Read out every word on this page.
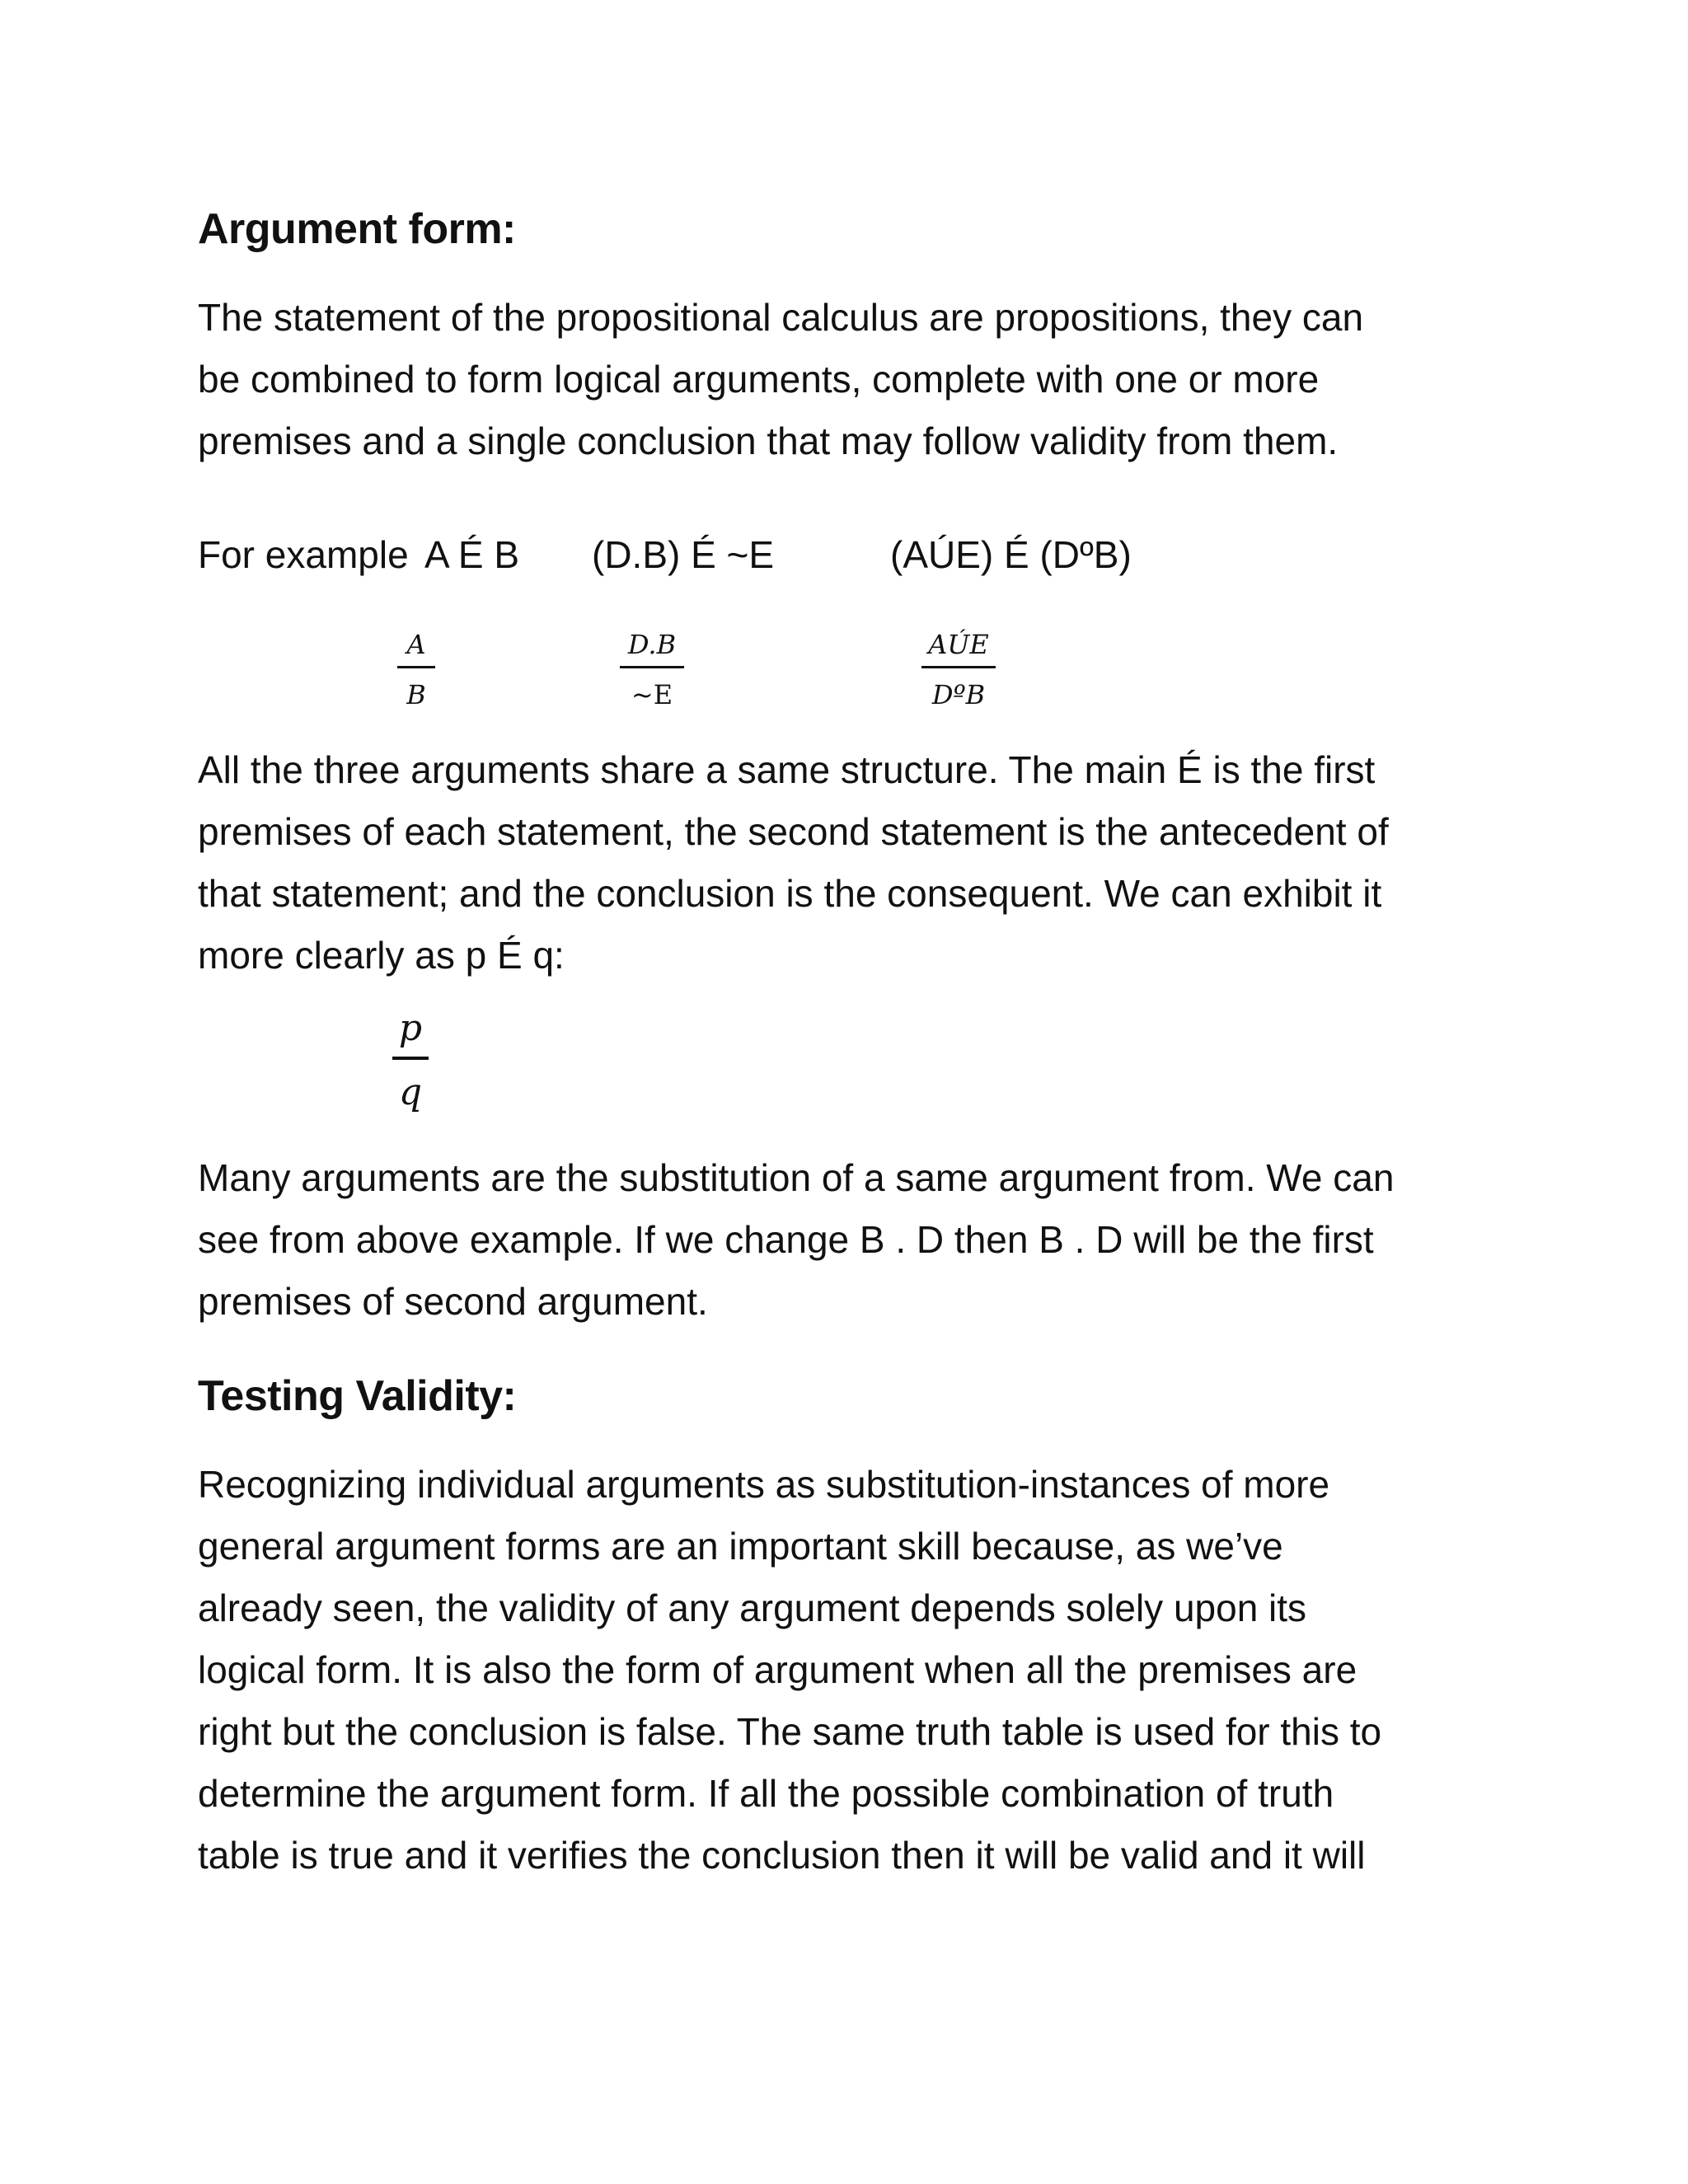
Argument form:
The statement of the propositional calculus are propositions, they can
be combined to form logical arguments, complete with one or more
premises and a single conclusion that may follow validity from them.
For example A É B (D.B) É ~E	(AÚE) É (DºB)
$\frac{A}{B}$	$\frac{D.B}{\sim E}$	AÚE
DºB
All the three arguments share a same structure. The main É is the first
premises of each statement, the second statement is the antecedent of
that statement; and the conclusion is the consequent. We can exhibit it
more clearly as p É q:
$\frac{p}{q}$
Many arguments are the substitution of a same argument from. We can
see from above example. If we change B . D then B . D will be the first
premises of second argument.
Testing Validity:
Recognizing individual arguments as substitution-instances of more
general argument forms are an important skill because, as we’ve
already seen, the validity of any argument depends solely upon its
logical form. It is also the form of argument when all the premises are
right but the conclusion is false. The same truth table is used for this to
determine the argument form. If all the possible combination of truth
table is true and it verifies the conclusion then it will be valid and it will
